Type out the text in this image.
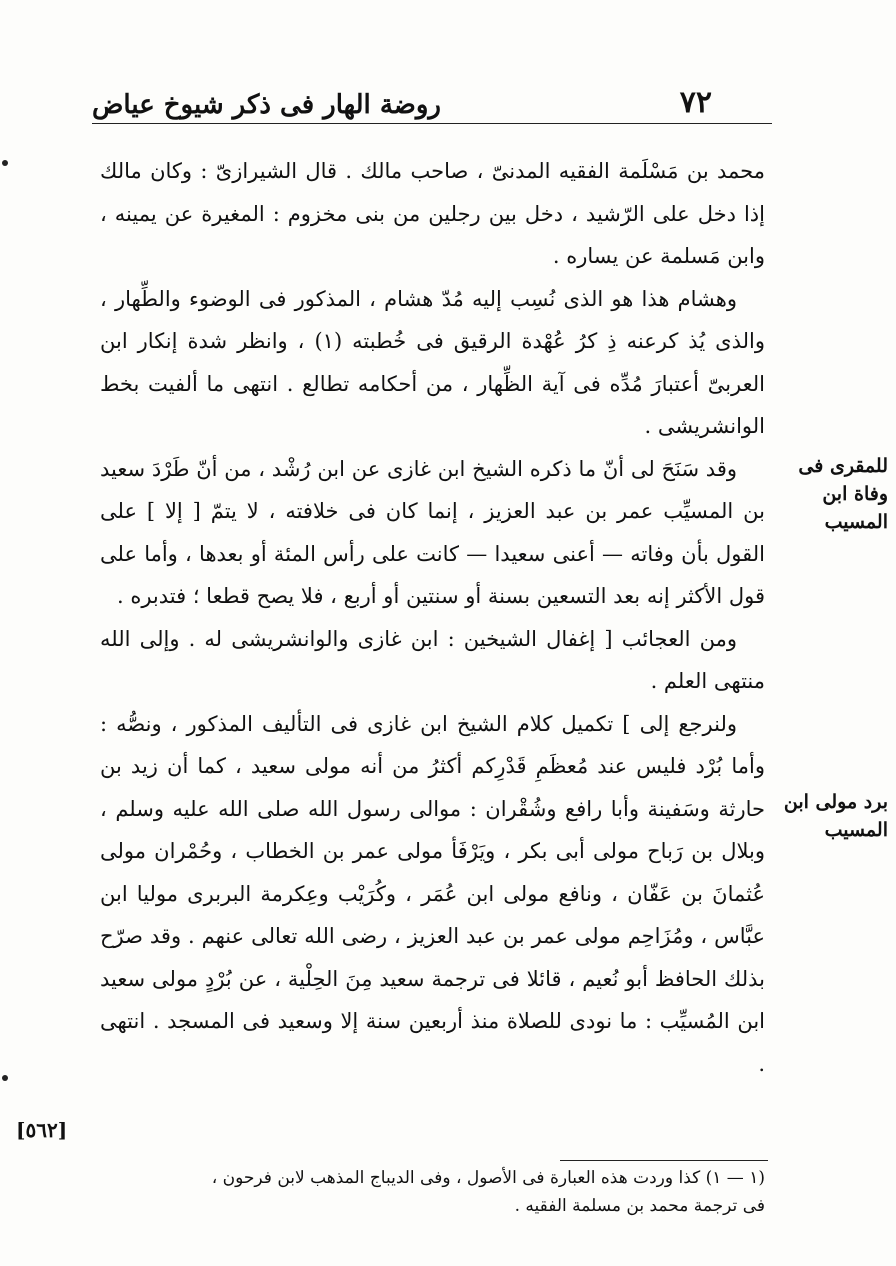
روضة الهار فى ذكر شيوخ عياض	٧٢

محمد بن مَسْلَمة الفقيه المدنىّ ، صاحب مالك . قال الشيرازىّ : وكان مالك إذا دخل على الرّشيد ، دخل بين رجلين من بنى مخزوم : المغيرة عن يمينه ، وابن مَسلمة عن يساره .

وهشام هذا هو الذى نُسِب إليه مُدّ هشام ، المذكور فى الوضوء والطِّهار ، والذى يُذ كرعنه ذِ كرُ عُهْدة الرقيق فى خُطبته (١) ، وانظر شدة إنكار ابن العربىّ أعتبارَ مُدِّه فى آية الظِّهار ، من أحكامه تطالع . انتهى ما ألفيت بخط الوانشريشى .

وقد سَنَحَ لى أنّ ما ذكره الشيخ ابن غازى عن ابن رُشْد ، من أنّ طَرْدَ سعيد بن المسيِّب عمر بن عبد العزيز ، إنما كان فى خلافته ، لا يتمّ [ إلا ] على القول بأن وفاته — أعنى سعيدا — كانت على رأس المئة أو بعدها ، وأما على قول الأكثر إنه بعد التسعين بسنة أو سنتين أو أربع ، فلا يصح قطعا ؛ فتدبره .

ومن العجائب [ إغفال الشيخين : ابن غازى والوانشريشى له . وإلى الله منتهى العلم .

ولنرجع إلى ] تكميل كلام الشيخ ابن غازى فى التأليف المذكور ، ونصُّه : وأما بُرْد فليس عند مُعظَمِ قَدْرِكم أكثرُ من أنه مولى سعيد ، كما أن زيد بن حارثة وسَفينة وأبا رافع وشُقْران : موالى رسول الله صلى الله عليه وسلم ، وبلال بن رَباح مولى أبى بكر ، ويَرْفَأ مولى عمر بن الخطاب ، وحُمْران مولى عُثمانَ بن عَفّان ، ونافع مولى ابن عُمَر ، وكُرَيْب وعِكرمة البربرى موليا ابن عبَّاس ، ومُزَاحِم مولى عمر بن عبد العزيز ، رضى الله تعالى عنهم . وقد صرّح بذلك الحافظ أبو نُعيم ، قائلا فى ترجمة سعيد مِنَ الحِلْية ، عن بُرْدٍ مولى سعيد ابن المُسيِّب : ما نودى للصلاة منذ أربعين سنة إلا وسعيد فى المسجد . انتهى .

للمقرى فى وفاة ابن المسيب
برد مولى ابن المسيب
[٥٦٢]

(١ — ١) كذا وردت هذه العبارة فى الأصول ، وفى الديباج المذهب لابن فرحون ،

فى ترجمة محمد بن مسلمة الفقيه .
